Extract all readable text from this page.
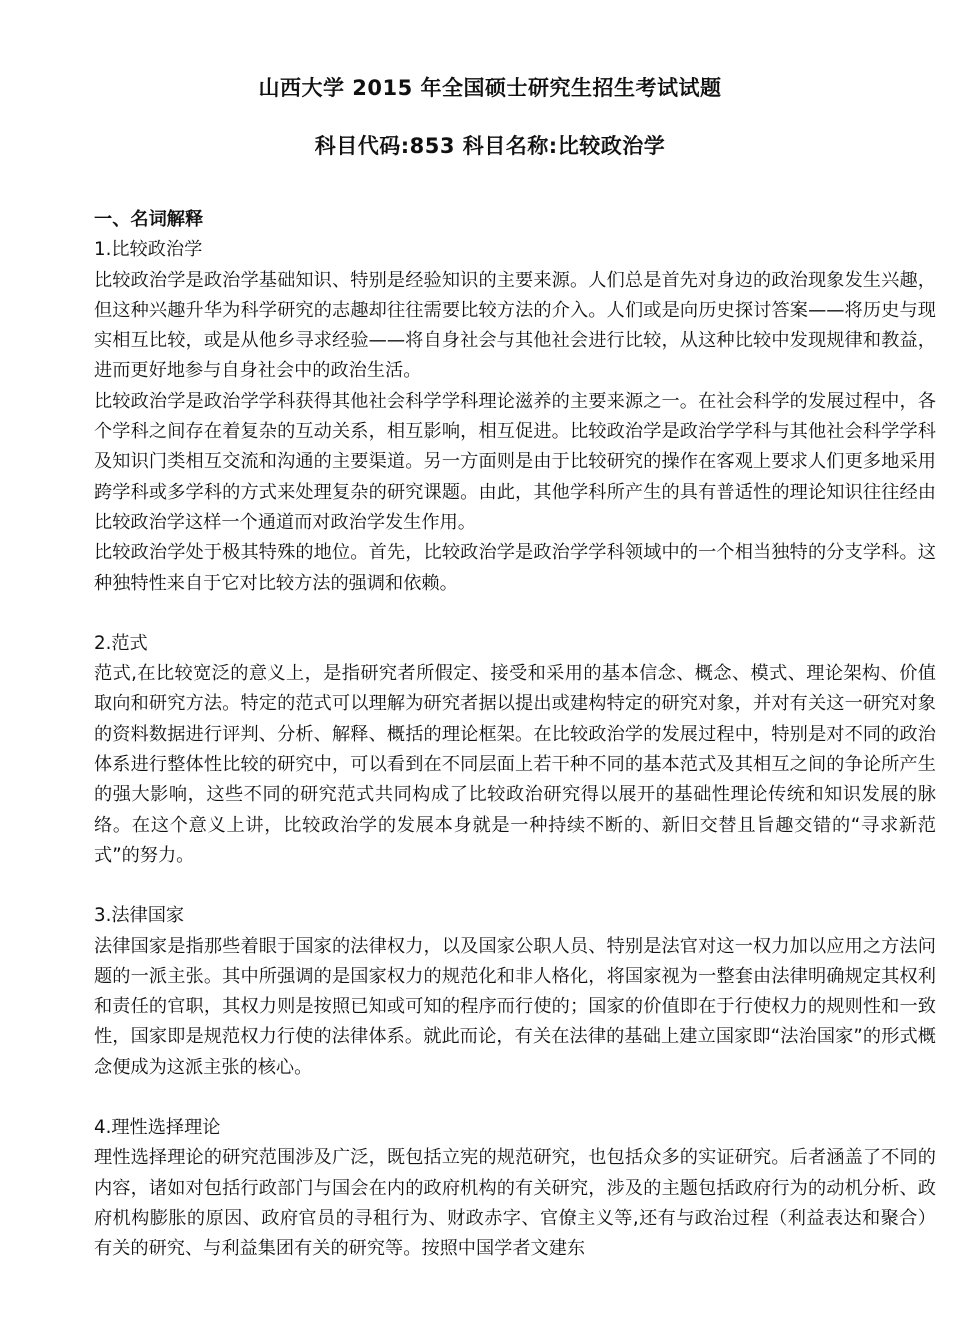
山西大学 2015 年全国硕士研究生招生考试试题
科目代码:853 科目名称:比较政治学

一、名词解释

1.比较政治学

比较政治学是政治学基础知识、特别是经验知识的主要来源。人们总是首先对身边的政治现象发生兴趣，但这种兴趣升华为科学研究的志趣却往往需要比较方法的介入。人们或是向历史探讨答案——将历史与现实相互比较，或是从他乡寻求经验——将自身社会与其他社会进行比较，从这种比较中发现规律和教益，进而更好地参与自身社会中的政治生活。

比较政治学是政治学学科获得其他社会科学学科理论滋养的主要来源之一。在社会科学的发展过程中，各个学科之间存在着复杂的互动关系，相互影响，相互促进。比较政治学是政治学学科与其他社会科学学科及知识门类相互交流和沟通的主要渠道。另一方面则是由于比较研究的操作在客观上要求人们更多地采用跨学科或多学科的方式来处理复杂的研究课题。由此，其他学科所产生的具有普适性的理论知识往往经由比较政治学这样一个通道而对政治学发生作用。

比较政治学处于极其特殊的地位。首先，比较政治学是政治学学科领域中的一个相当独特的分支学科。这种独特性来自于它对比较方法的强调和依赖。

2.范式

范式,在比较宽泛的意义上，是指研究者所假定、接受和采用的基本信念、概念、模式、理论架构、价值取向和研究方法。特定的范式可以理解为研究者据以提出或建构特定的研究对象，并对有关这一研究对象的资料数据进行评判、分析、解释、概括的理论框架。在比较政治学的发展过程中，特别是对不同的政治体系进行整体性比较的研究中，可以看到在不同层面上若干种不同的基本范式及其相互之间的争论所产生的强大影响，这些不同的研究范式共同构成了比较政治研究得以展开的基础性理论传统和知识发展的脉络。在这个意义上讲，比较政治学的发展本身就是一种持续不断的、新旧交替且旨趣交错的“寻求新范式”的努力。

3.法律国家

法律国家是指那些着眼于国家的法律权力，以及国家公职人员、特别是法官对这一权力加以应用之方法问题的一派主张。其中所强调的是国家权力的规范化和非人格化，将国家视为一整套由法律明确规定其权利和责任的官职，其权力则是按照已知或可知的程序而行使的；国家的价值即在于行使权力的规则性和一致性，国家即是规范权力行使的法律体系。就此而论，有关在法律的基础上建立国家即“法治国家”的形式概念便成为这派主张的核心。

4.理性选择理论

理性选择理论的研究范围涉及广泛，既包括立宪的规范研究，也包括众多的实证研究。后者涵盖了不同的内容，诸如对包括行政部门与国会在内的政府机构的有关研究，涉及的主题包括政府行为的动机分析、政府机构膨胀的原因、政府官员的寻租行为、财政赤字、官僚主义等,还有与政治过程（利益表达和聚合）有关的研究、与利益集团有关的研究等。按照中国学者文建东
